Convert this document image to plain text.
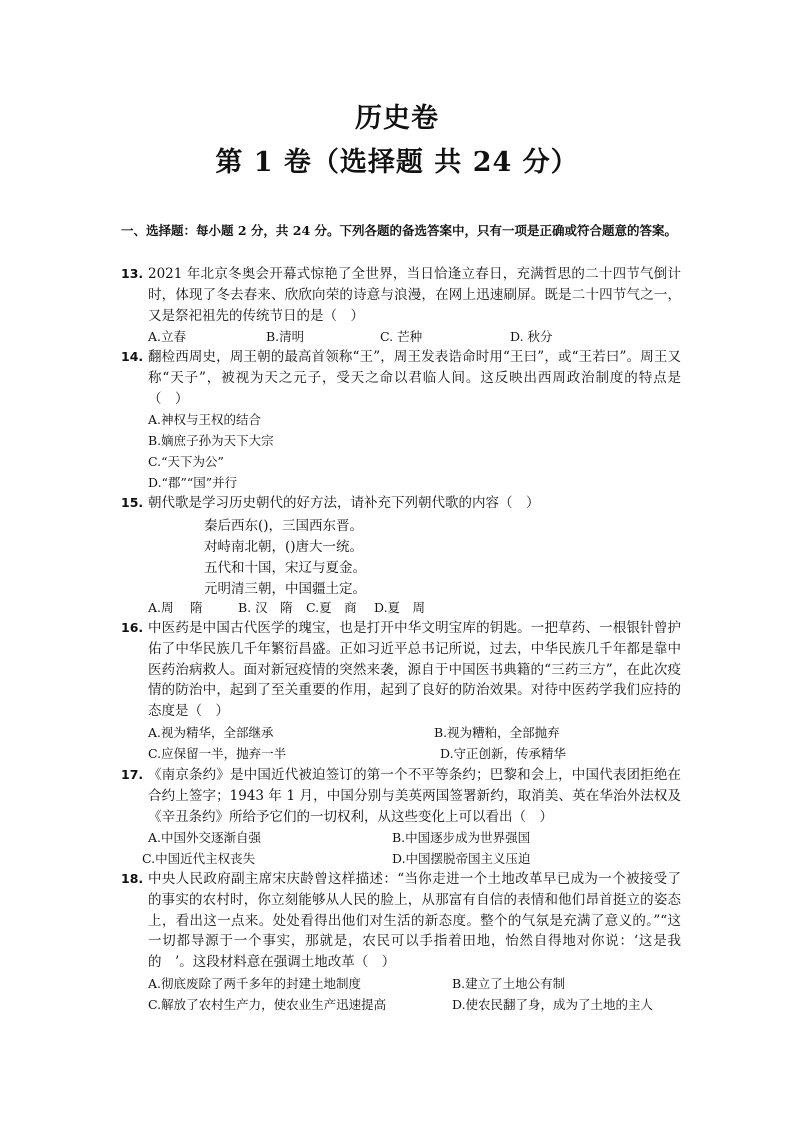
历史卷
第 1 卷（选择题 共 24 分）
一、选择题：每小题 2 分，共 24 分。下列各题的备选答案中，只有一项是正确或符合题意的答案。
13. 2021 年北京冬奥会开幕式惊艳了全世界，当日恰逢立春日，充满哲思的二十四节气倒计时，体现了冬去春来、欣欣向荣的诗意与浪漫，在网上迅速刷屏。既是二十四节气之一，又是祭祀祖先的传统节日的是（　）
A.立春	B.清明	C. 芒种	D. 秋分
14. 翻检西周史，周王朝的最高首领称“王”，周王发表诰命时用“王曰”，或“王若曰”。周王又称“天子”，被视为天之元子，受天之命以君临人间。这反映出西周政治制度的特点是（　）
A.神权与王权的结合
B.嫡庶子孙为天下大宗
C.“天下为公”
D.“郡”“国”并行
15. 朝代歌是学习历史朝代的好方法，请补充下列朝代歌的内容（　）
秦后西东()，三国西东晋。
对峙南北朝，()唐大一统。
五代和十国，宋辽与夏金。
元明清三朝，中国疆土定。
A.周　 隋	B. 汉　隋 C.夏　商 D.夏　周
16. 中医药是中国古代医学的瑰宝，也是打开中华文明宝库的钥匙。一把草药、一根银针曾护佑了中华民族几千年繁衍昌盛。正如习近平总书记所说，过去，中华民族几千年都是靠中医药治病救人。面对新冠疫情的突然来袭，源自于中国医书典籍的“三药三方”，在此次疫情的防治中，起到了至关重要的作用，起到了良好的防治效果。对待中医药学我们应持的态度是（　）
A.视为精华，全部继承	B.视为糟粕，全部抛弃
C.应保留一半，抛弃一半	D.守正创新，传承精华
17. 《南京条约》是中国近代被迫签订的第一个不平等条约；巴黎和会上，中国代表团拒绝在合约上签字；1943 年 1 月，中国分别与美英两国签署新约，取消美、英在华治外法权及《辛丑条约》所给予它们的一切权利，从这些变化上可以看出（　）
A.中国外交逐渐自强	B.中国逐步成为世界强国
C.中国近代主权丧失	D.中国摆脱帝国主义压迫
18. 中央人民政府副主席宋庆龄曾这样描述：“当你走进一个土地改革早已成为一个被接受了的事实的农村时，你立刻能够从人民的脸上，从那富有自信的表情和他们昂首挺立的姿态上，看出这一点来。处处看得出他们对生活的新态度。整个的气氛是充满了意义的。”“这一切都导源于一个事实，那就是，农民可以手指着田地，怡然自得地对你说：‘这是我的　’。这段材料意在强调土地改革（　）
A.彻底废除了两千多年的封建土地制度	B.建立了土地公有制
C.解放了农村生产力，使农业生产迅速提高	D.使农民翻了身，成为了土地的主人
